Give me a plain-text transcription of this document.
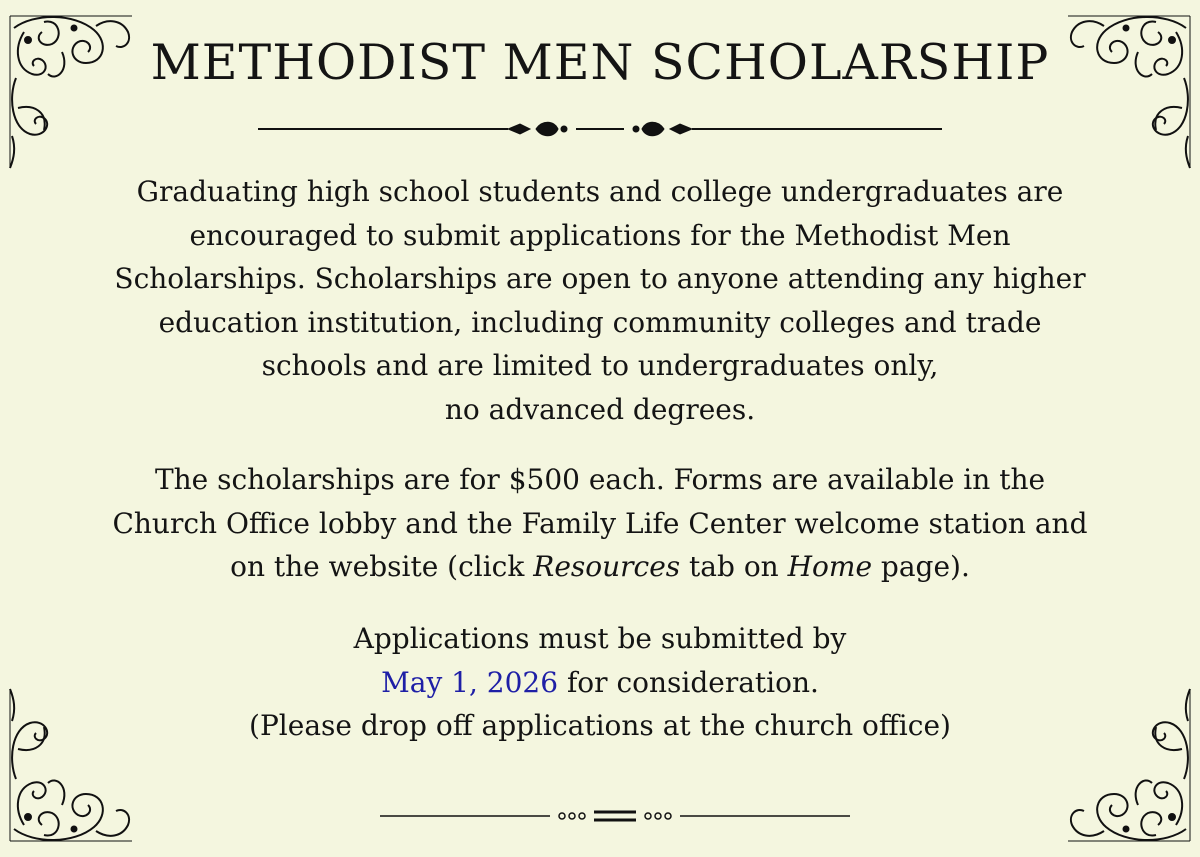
METHODIST MEN SCHOLARSHIP

Graduating high school students and college undergraduates are
encouraged to submit applications for the Methodist Men
Scholarships. Scholarships are open to anyone attending any higher
education institution, including community colleges and trade
schools and are limited to undergraduates only,
no advanced degrees.

The scholarships are for $500 each. Forms are available in the
Church Office lobby and the Family Life Center welcome station and
on the website (click Resources tab on Home page).

Applications must be submitted by
May 1, 2026 for consideration.
(Please drop off applications at the church office)
